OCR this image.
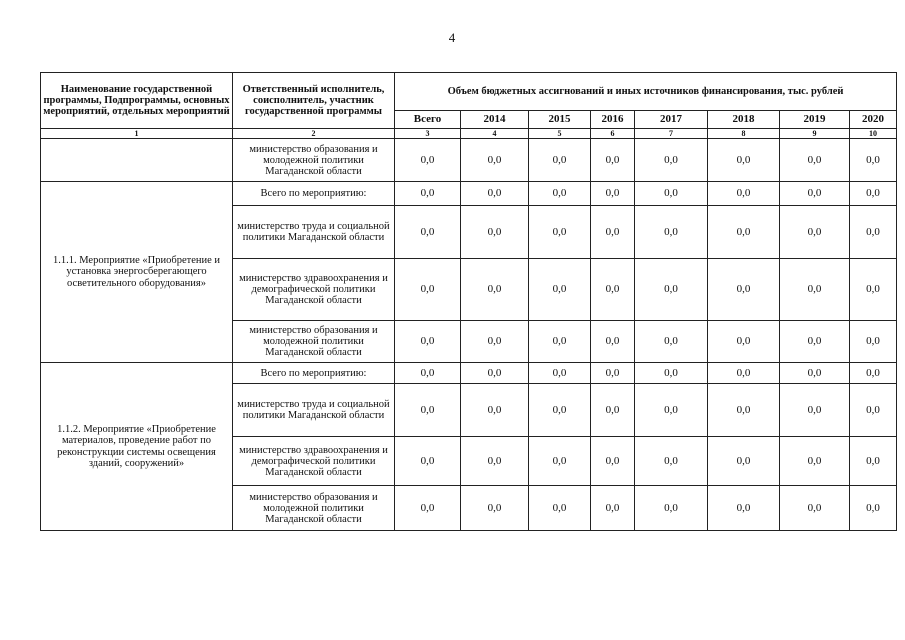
4
Наименование государственной программы, Подпрограммы, основных мероприятий, отдельных мероприятий	Ответственный исполнитель, соисполнитель, участник государственной программы	Объем бюджетных ассигнований и иных источников финансирования, тыс. рублей							
		Всего	2014	2015	2016	2017	2018	2019	2020
1	2	3	4	5	6	7	8	9	10
	министерство образования и молодежной политики Магаданской области	0,0	0,0	0,0	0,0	0,0	0,0	0,0	0,0
1.1.1. Мероприятие «Приобретение и установка энергосберегающего осветительного оборудования»	Всего по мероприятию:	0,0	0,0	0,0	0,0	0,0	0,0	0,0	0,0
	министерство труда и социальной политики Магаданской области	0,0	0,0	0,0	0,0	0,0	0,0	0,0	0,0
	министерство здравоохранения и демографической политики Магаданской области	0,0	0,0	0,0	0,0	0,0	0,0	0,0	0,0
	министерство образования и молодежной политики Магаданской области	0,0	0,0	0,0	0,0	0,0	0,0	0,0	0,0
1.1.2. Мероприятие «Приобретение материалов, проведение работ по реконструкции системы освещения зданий, сооружений»	Всего по мероприятию:	0,0	0,0	0,0	0,0	0,0	0,0	0,0	0,0
	министерство труда и социальной политики Магаданской области	0,0	0,0	0,0	0,0	0,0	0,0	0,0	0,0
	министерство здравоохранения и демографической политики Магаданской области	0,0	0,0	0,0	0,0	0,0	0,0	0,0	0,0
	министерство образования и молодежной политики Магаданской области	0,0	0,0	0,0	0,0	0,0	0,0	0,0	0,0
